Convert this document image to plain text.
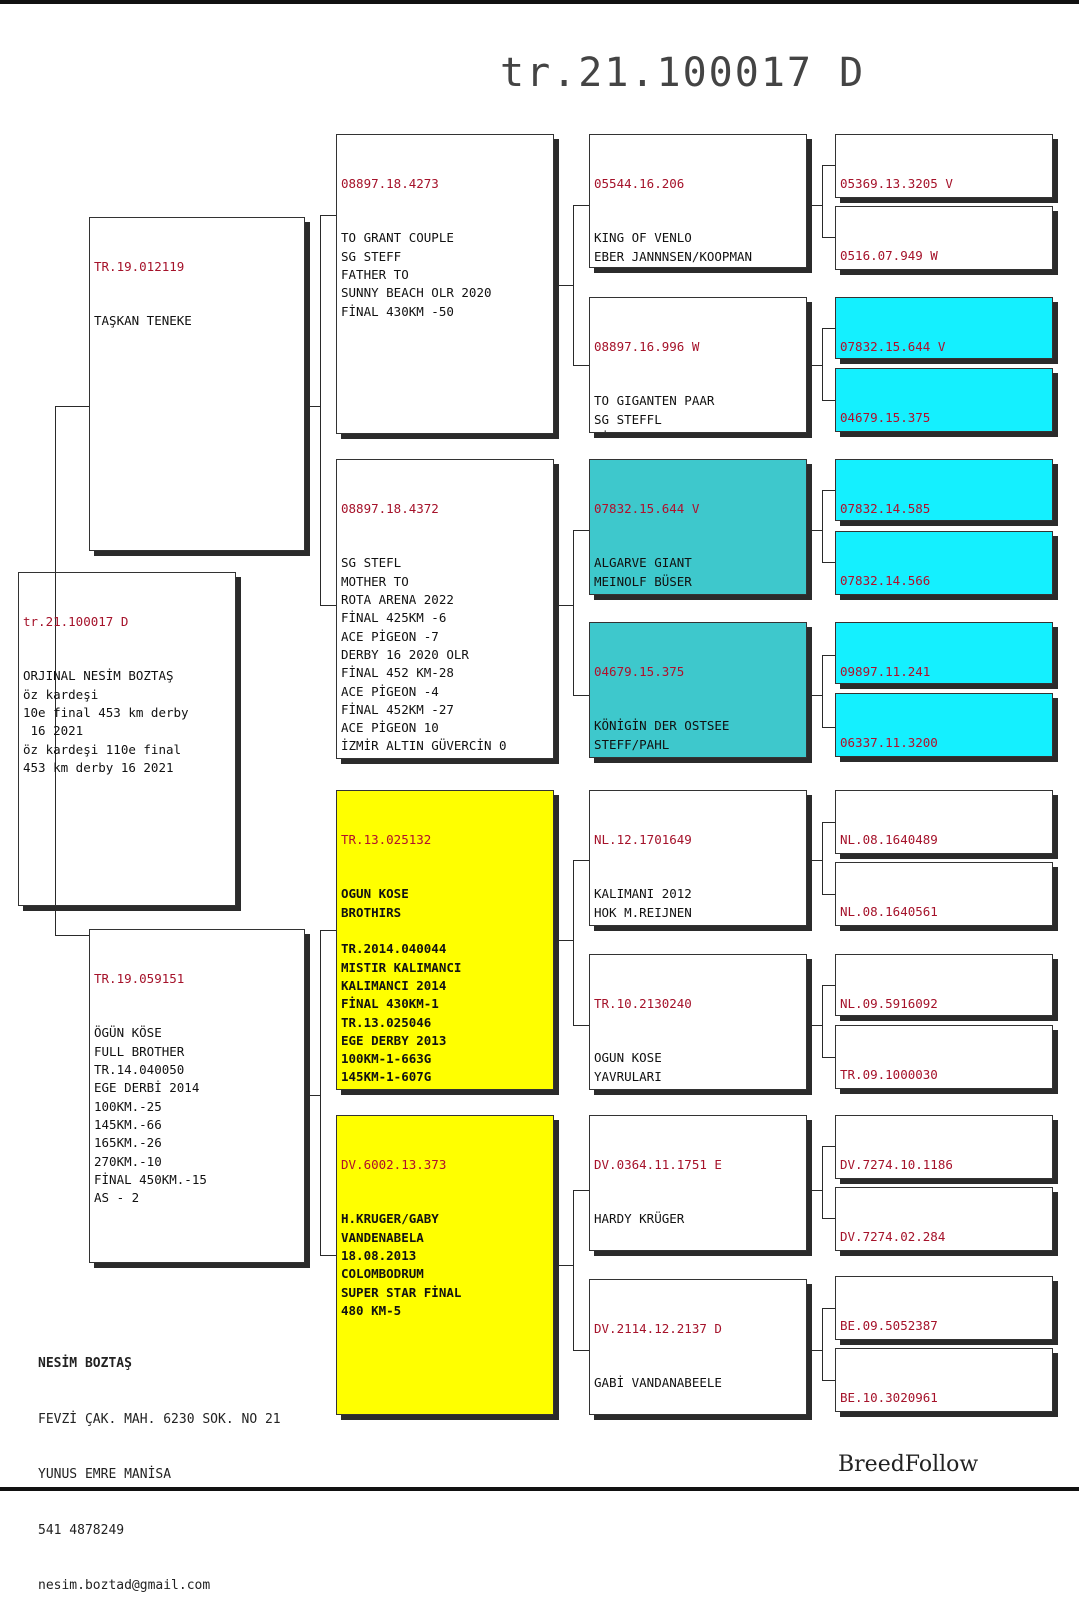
tr.21.100017 D

tr.21.100017 D

ORJINAL NESİM BOZTAŞ
öz kardeşi
10e final 453 km derby
16 2021
öz kardeşi 110e final
453 km derby 16 2021

TR.19.012119

TAŞKAN TENEKE

TR.19.059151

ÖGÜN KÖSE
FULL BROTHER
TR.14.040050
EGE DERBİ 2014
100KM.-25
145KM.-66
165KM.-26
270KM.-10
FİNAL 450KM.-15
AS - 2

08897.18.4273

TO GRANT COUPLE
SG STEFF
FATHER TO
SUNNY BEACH OLR 2020
FİNAL 430KM -50

08897.18.4372

SG STEFL
MOTHER TO
ROTA ARENA 2022
FİNAL 425KM -6
ACE PİGEON -7
DERBY 16 2020 OLR
FİNAL 452 KM-28
ACE PİGEON -4
FİNAL 452KM -27
ACE PİGEON 10
İZMİR ALTIN GÜVERCİN 0

TR.13.025132

OGUN KOSE
BROTHIRS

TR.2014.040044
MISTIR KALIMANCI
KALIMANCI 2014
FİNAL 430KM-1
TR.13.025046
EGE DERBY 2013
100KM-1-663G
145KM-1-607G

DV.6002.13.373

H.KRUGER/GABY
VANDENABELA
18.08.2013
COLOMBODRUM
SUPER STAR FİNAL
480 KM-5

05544.16.206

KING OF VENLO
EBER JANNNSEN/KOOPMAN

08897.16.996 W

TO GIGANTEN PAAR
SG STEFFL

07832.15.644 V

ALGARVE GIANT
MEINOLF BÜSER

04679.15.375

KÖNİGİN DER OSTSEE
STEFF/PAHL

NL.12.1701649

KALIMANI 2012
HOK M.REIJNEN

TR.10.2130240

OGUN KOSE
YAVRULARI

DV.0364.11.1751 E

HARDY KRÜGER

DV.2114.12.2137 D

GABİ VANDANABEELE

05369.13.3205 V

0516.07.949 W

07832.15.644 V

04679.15.375

07832.14.585

07832.14.566

09897.11.241

06337.11.3200

NL.08.1640489

NL.08.1640561

NL.09.5916092

TR.09.1000030

DV.7274.10.1186

DV.7274.02.284

BE.09.5052387

BE.10.3020961

NESİM BOZTAŞ

FEVZİ ÇAK. MAH. 6230 SOK. NO 21

YUNUS EMRE MANİSA

541 4878249

nesim.boztad@gmail.com

BreedFollow
